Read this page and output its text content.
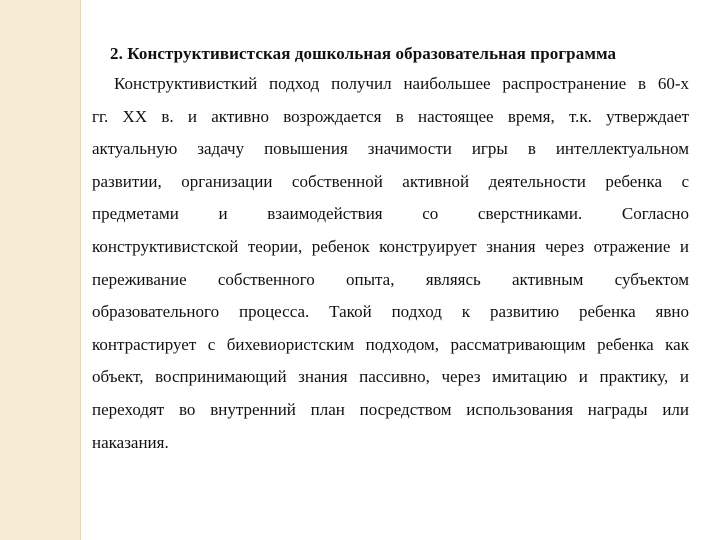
2. Конструктивистская дошкольная образовательная программа
Конструктивисткий подход получил наибольшее распространение в 60-х
гг. XX в. и активно возрождается в настоящее время, т.к. утверждает
актуальную задачу повышения значимости игры в интеллектуальном
развитии, организации собственной активной деятельности ребенка с
предметами и взаимодействия со сверстниками. Согласно
конструктивистской теории, ребенок конструирует знания через отражение и
переживание собственного опыта, являясь активным субъектом
образовательного процесса. Такой подход к развитию ребенка явно
контрастирует с бихевиористским подходом, рассматривающим ребенка как
объект, воспринимающий знания пассивно, через имитацию и практику, и
переходят во внутренний план посредством использования награды или
наказания.
